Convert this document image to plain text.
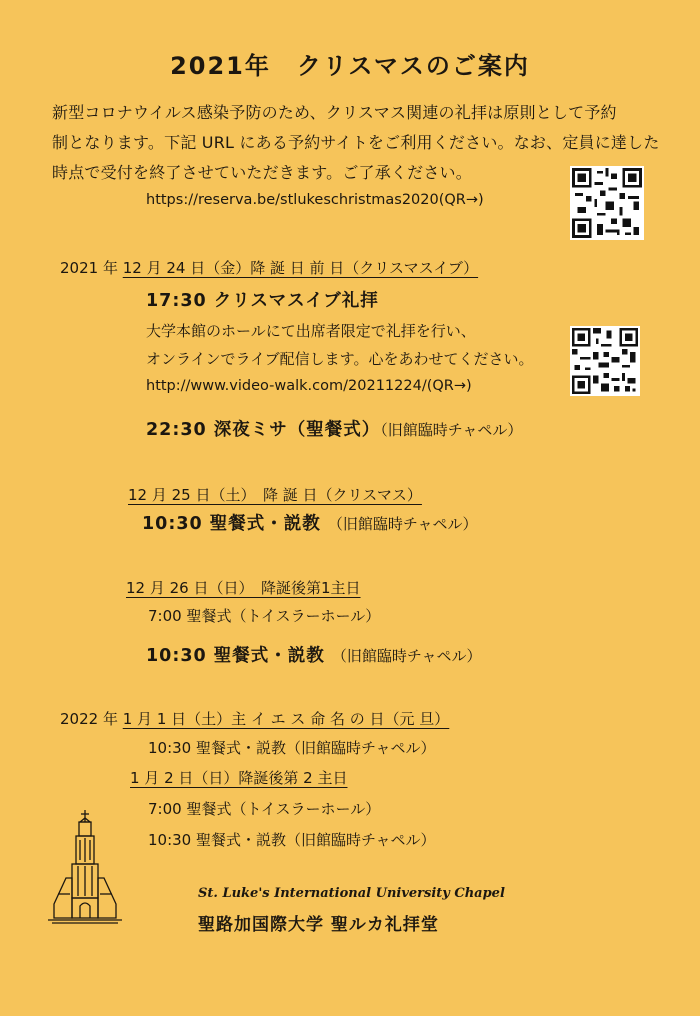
2021年　クリスマスのご案内
新型コロナウイルス感染予防のため、クリスマス関連の礼拝は原則として予約
制となります。下記 URL にある予約サイトをご利用ください。なお、定員に達した
時点で受付を終了させていただきます。ご了承ください。
https://reserva.be/stlukeschristmas2020(QR→)
2021 年 12 月 24 日（金）降 誕 日 前 日（クリスマスイブ）
17:30 クリスマスイブ礼拝
大学本館のホールにて出席者限定で礼拝を行い、
オンラインでライブ配信します。心をあわせてください。
http://www.video-walk.com/20211224/(QR→)
22:30 深夜ミサ（聖餐式）（旧館臨時チャペル）
12 月 25 日（土）　降 誕 日（クリスマス）
10:30 聖餐式・説教 （旧館臨時チャペル）
12 月 26 日（日）　降誕後第1主日
7:00 聖餐式（トイスラーホール）
10:30 聖餐式・説教 （旧館臨時チャペル）
2022 年 1 月 1 日（土）主 イ エ ス 命 名 の 日（元 旦）
10:30 聖餐式・説教（旧館臨時チャペル）
1 月 2 日（日）降誕後第 2 主日
7:00 聖餐式（トイスラーホール）
10:30 聖餐式・説教（旧館臨時チャペル）
St. Luke's International University Chapel
聖路加国際大学 聖ルカ礼拝堂
